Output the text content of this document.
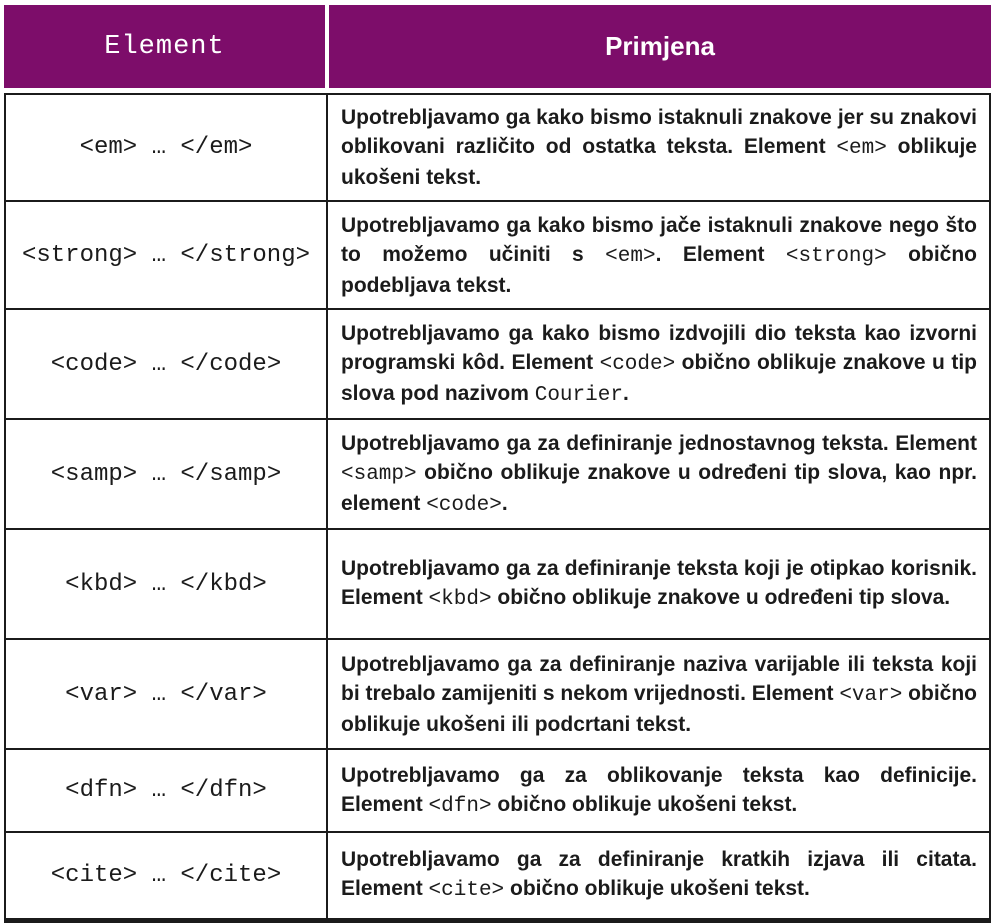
Element	Primjena
<em> … </em>	Upotrebljavamo ga kako bismo istaknuli znakove jer su znakovi oblikovani različito od ostatka teksta. Element <em> oblikuje ukošeni tekst.
<strong> … </strong>	Upotrebljavamo ga kako bismo jače istaknuli znakove nego što to možemo učiniti s <em>. Element <strong> obično podebljava tekst.
<code> … </code>	Upotrebljavamo ga kako bismo izdvojili dio teksta kao izvorni programski kôd. Element <code> obično oblikuje znakove u tip slova pod nazivom Courier.
<samp> … </samp>	Upotrebljavamo ga za definiranje jednostavnog teksta. Element <samp> obično oblikuje znakove u određeni tip slova, kao npr. element <code>.
<kbd> … </kbd>	Upotrebljavamo ga za definiranje teksta koji je otipkao korisnik. Element <kbd> obično oblikuje znakove u određeni tip slova.
<var> … </var>	Upotrebljavamo ga za definiranje naziva varijable ili teksta koji bi trebalo zamijeniti s nekom vrijednosti. Element <var> obično oblikuje ukošeni ili podcrtani tekst.
<dfn> … </dfn>	Upotrebljavamo ga za oblikovanje teksta kao definicije. Element <dfn> obično oblikuje ukošeni tekst.
<cite> … </cite>	Upotrebljavamo ga za definiranje kratkih izjava ili citata. Element <cite> obično oblikuje ukošeni tekst.
